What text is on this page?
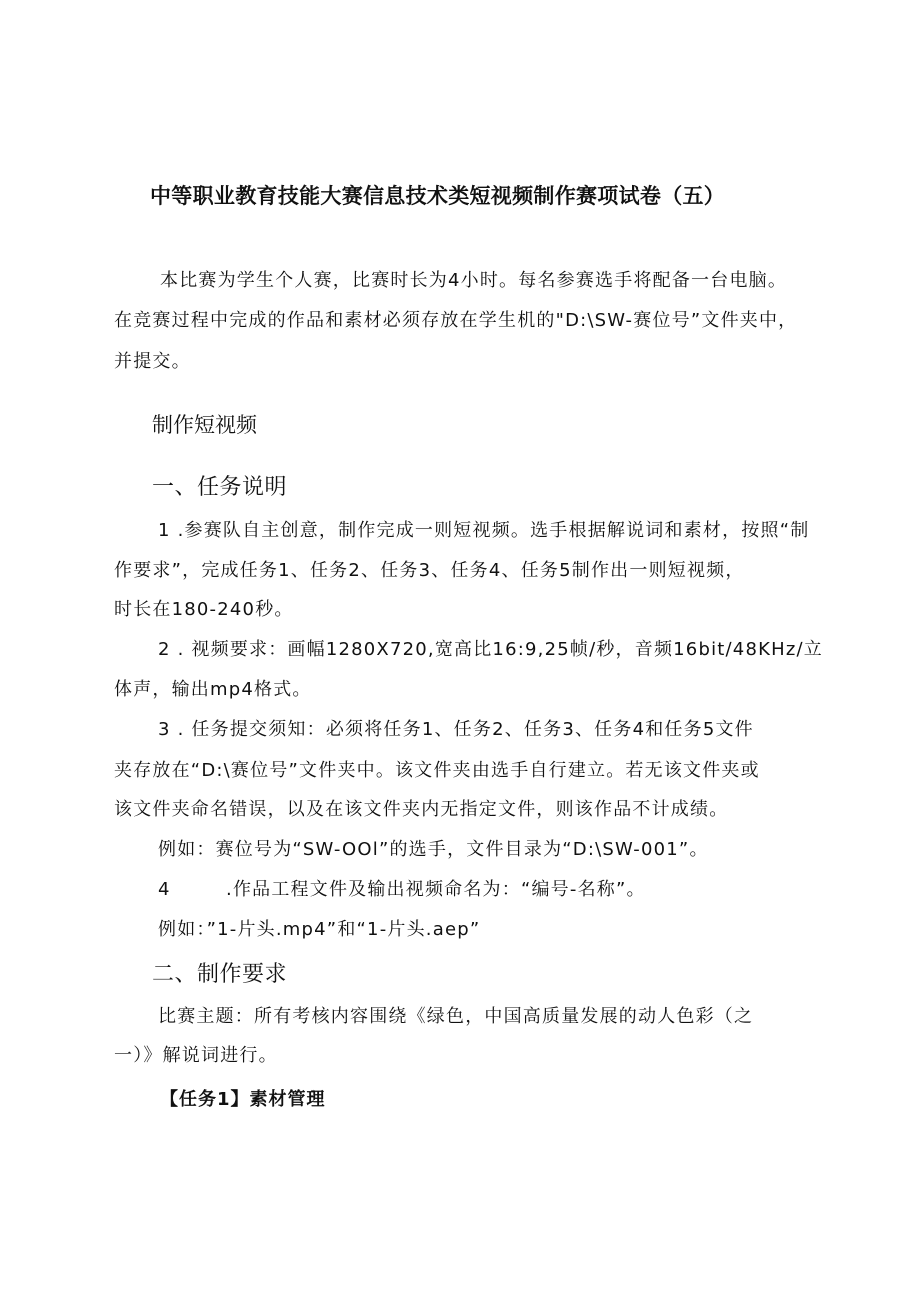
中等职业教育技能大赛信息技术类短视频制作赛项试卷（五）

本比赛为学生个人赛，比赛时长为4小时。每名参赛选手将配备一台电脑。

在竞赛过程中完成的作品和素材必须存放在学生机的"D:\SW-赛位号”文件夹中，

并提交。

制作短视频
一、任务说明

1 .参赛队自主创意，制作完成一则短视频。选手根据解说词和素材，按照“制

作要求”，完成任务1、任务2、任务3、任务4、任务5制作出一则短视频，

时长在180-240秒。

2 . 视频要求：画幅1280X720,宽高比16:9,25帧/秒，音频16bit∕48KHz∕立

体声，输出mp4格式。

3 . 任务提交须知：必须将任务1、任务2、任务3、任务4和任务5文件

夹存放在“D:\赛位号”文件夹中。该文件夹由选手自行建立。若无该文件夹或

该文件夹命名错误，以及在该文件夹内无指定文件，则该作品不计成绩。

例如：赛位号为“SW-OOl”的选手，文件目录为“D:\SW-001”。

4        .作品工程文件及输出视频命名为：“编号-名称”。

例如：”1-片头.mp4”和“1-片头.aep”

二、制作要求

比赛主题：所有考核内容围绕《绿色，中国高质量发展的动人色彩（之

一）》解说词进行。

【任务1】素材管理
